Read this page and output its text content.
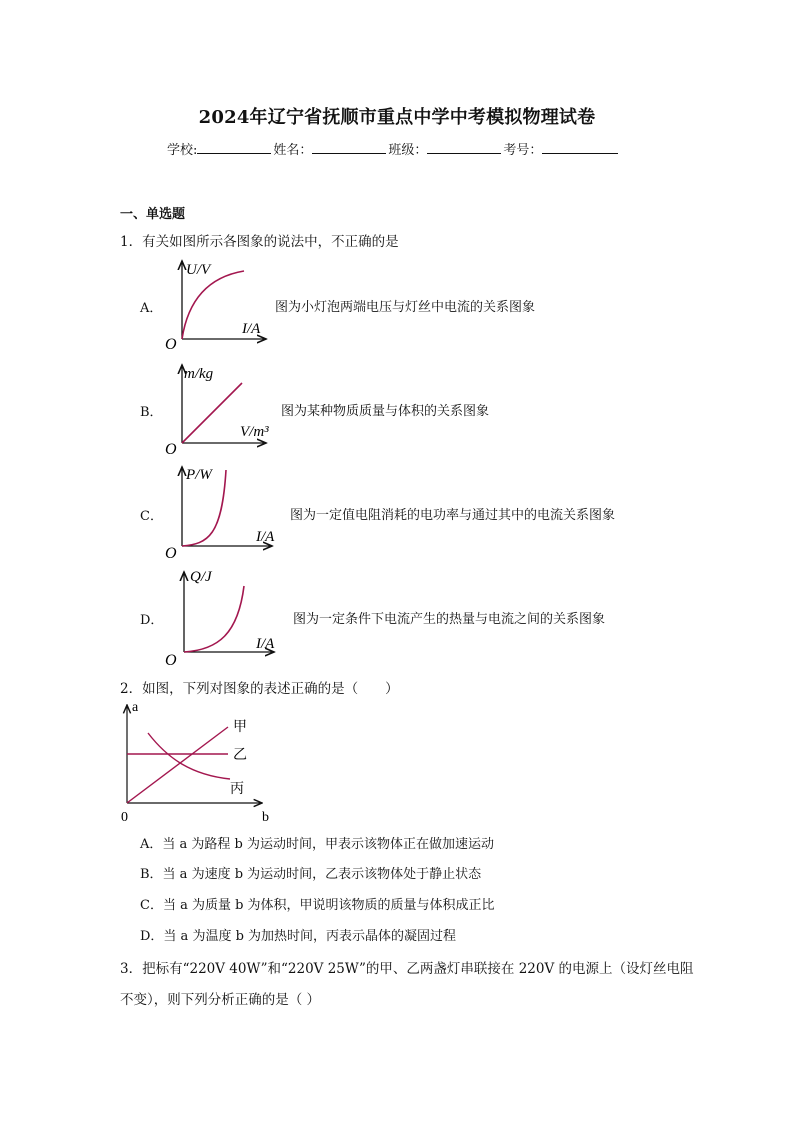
2024年辽宁省抚顺市重点中学中考模拟物理试卷
学校:	姓名：	班级：	考号：
一、单选题
1．有关如图所示各图象的说法中，不正确的是
A．
U/V
I/A
O
图为小灯泡两端电压与灯丝中电流的关系图象
B．
m/kg
V/m³
O
图为某种物质质量与体积的关系图象
C．
P/W
I/A
O
图为一定值电阻消耗的电功率与通过其中的电流关系图象
D．
Q/J
I/A
O
图为一定条件下电流产生的热量与电流之间的关系图象
2．如图，下列对图象的表述正确的是（　　）
a
b
0
甲
乙
丙
A．当 a 为路程 b 为运动时间，甲表示该物体正在做加速运动
B．当 a 为速度 b 为运动时间，乙表示该物体处于静止状态
C．当 a 为质量 b 为体积，甲说明该物质的质量与体积成正比
D．当 a 为温度 b 为加热时间，丙表示晶体的凝固过程
3．把标有“220V 40W”和“220V 25W”的甲、乙两盏灯串联接在 220V 的电源上（设灯丝电阻
不变），则下列分析正确的是（ ）
